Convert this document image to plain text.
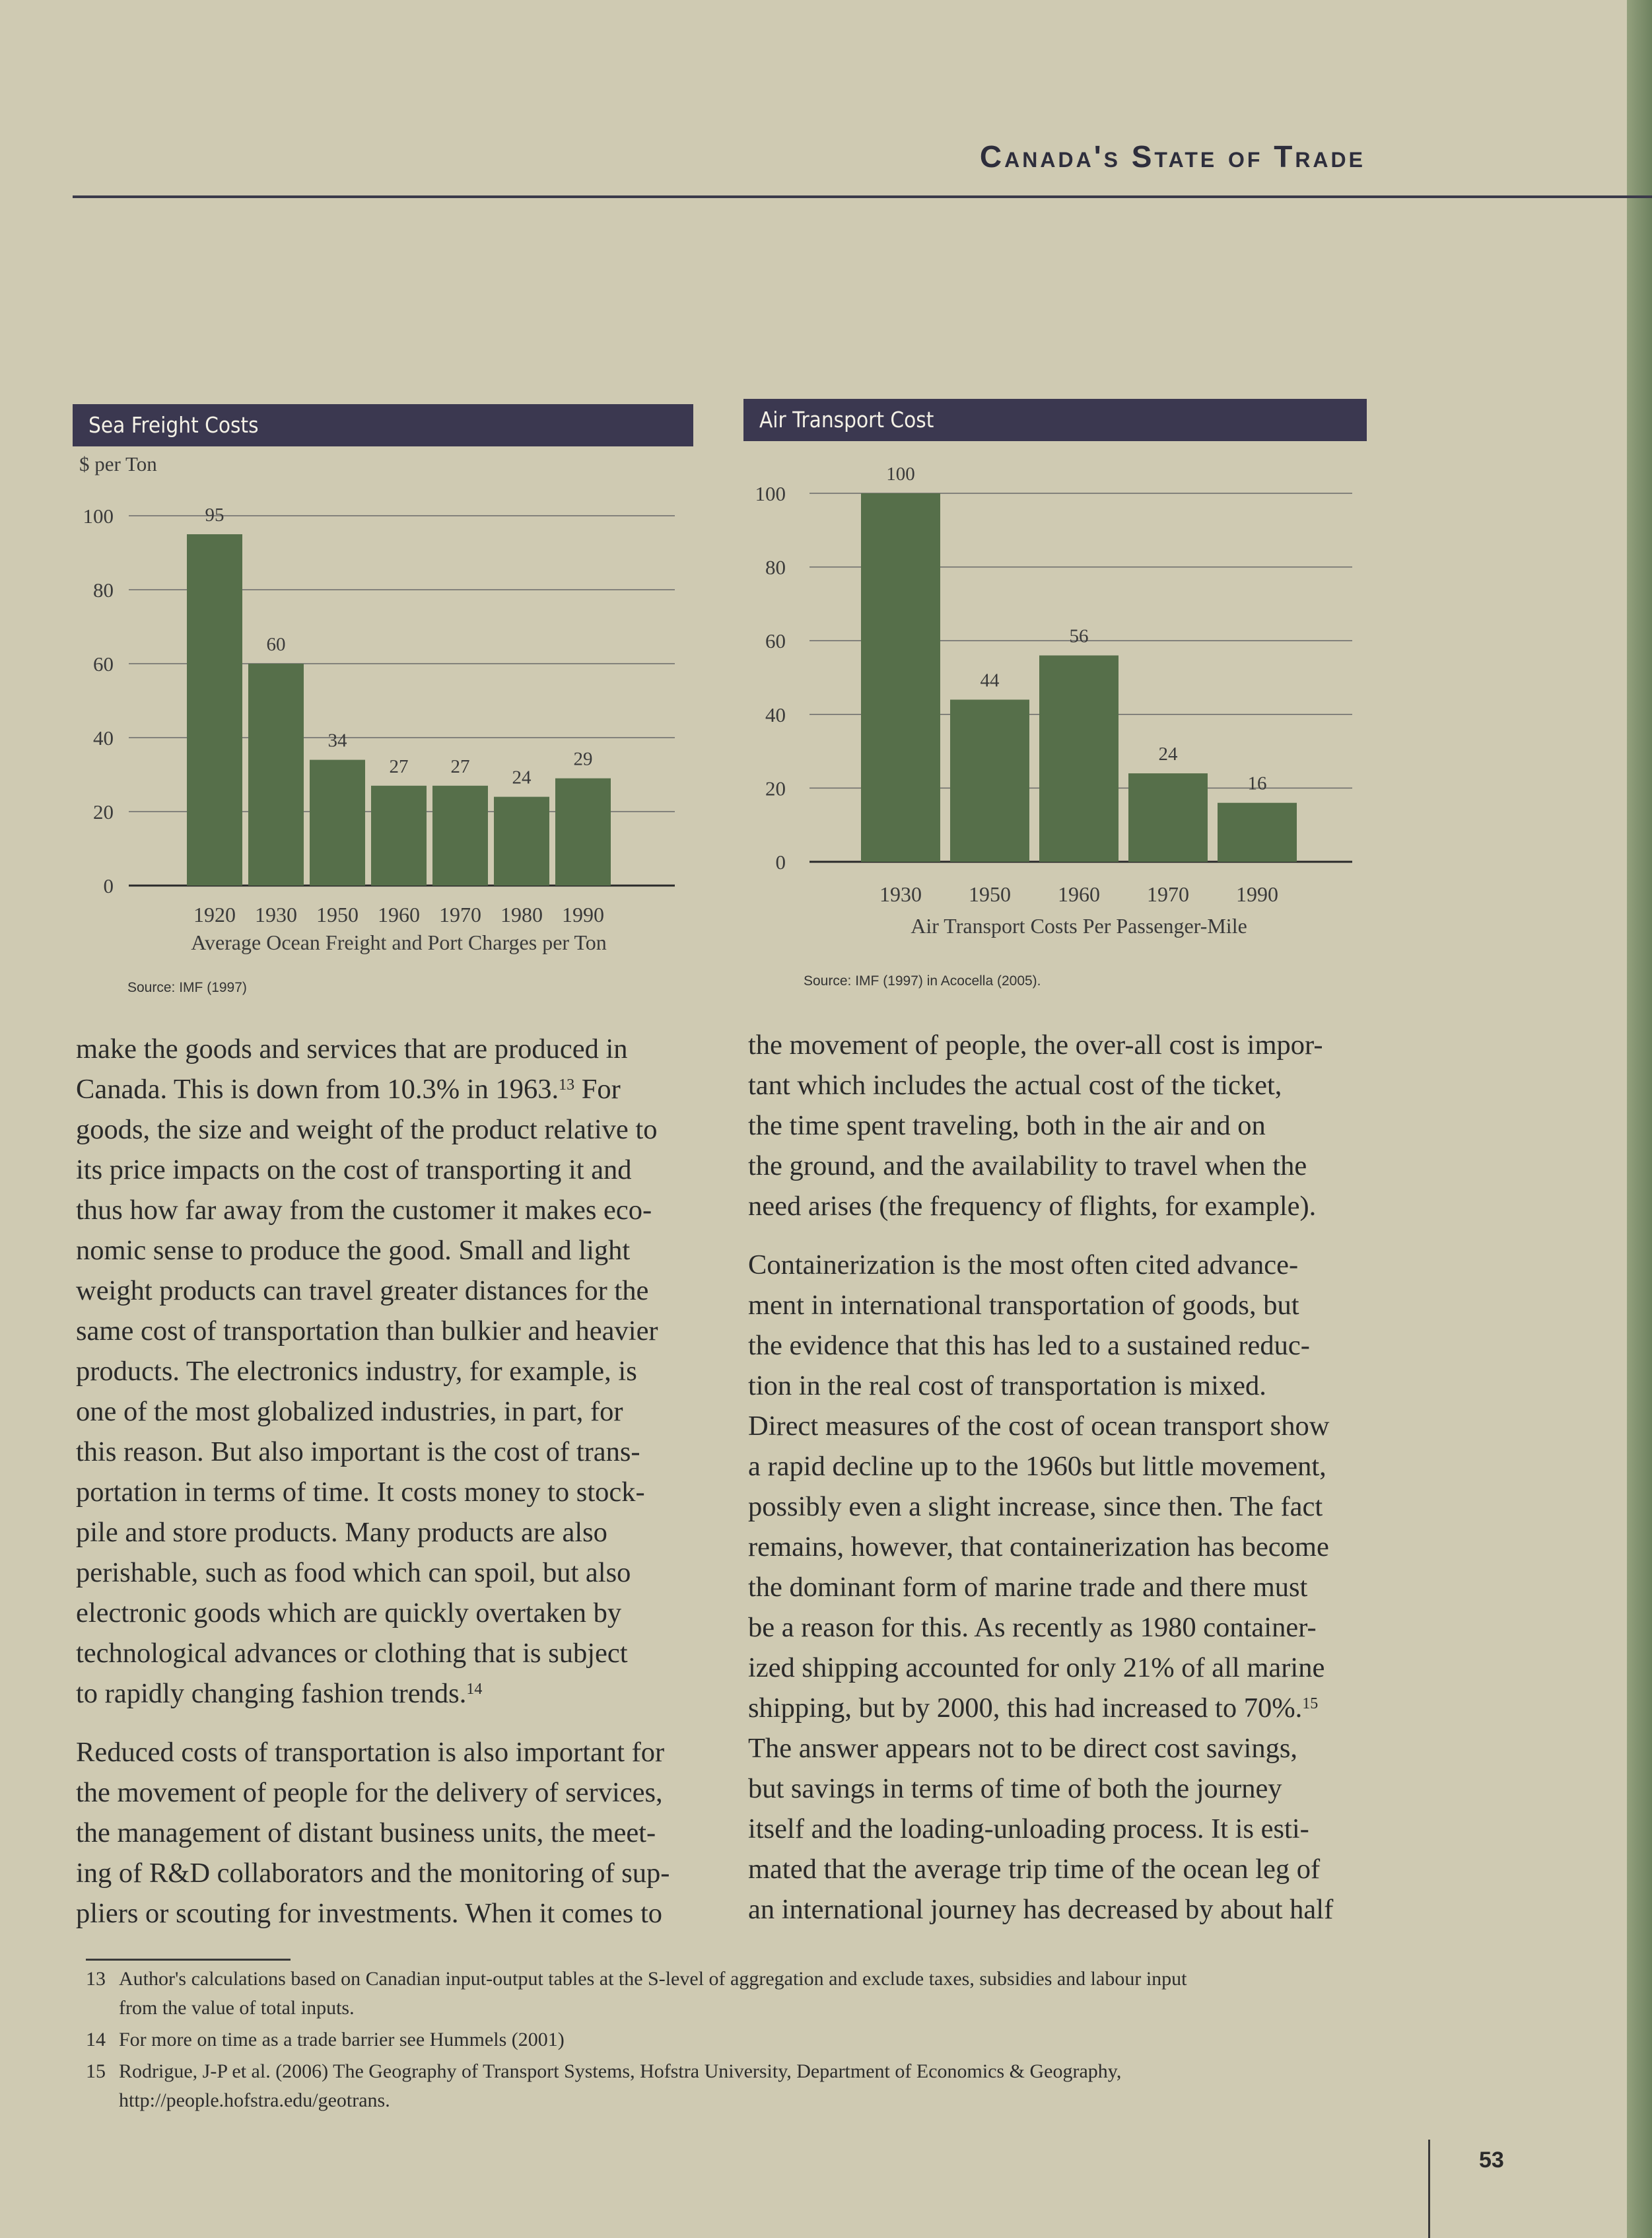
Canada's State of Trade
Sea Freight Costs
$ per Ton
0
20
40
60
80
100	95
1920
60
1930
34
1950
27
1960
27
1970
24
1980
29
1990
Average Ocean Freight and Port Charges per Ton
Source: IMF (1997)
Air Transport Cost
0
20
40
60
80
100
100
1930
44
1950
56
1960
24
1970
16
1990
Air Transport Costs Per Passenger-Mile
Source: IMF (1997) in Acocella (2005).

make the goods and services that are produced in
Canada. This is down from 10.3% in 1963.13 For
goods, the size and weight of the product relative to
its price impacts on the cost of transporting it and
thus how far away from the customer it makes eco-
nomic sense to produce the good. Small and light
weight products can travel greater distances for the
same cost of transportation than bulkier and heavier
products. The electronics industry, for example, is
one of the most globalized industries, in part, for
this reason. But also important is the cost of trans-
portation in terms of time. It costs money to stock-
pile and store products. Many products are also
perishable, such as food which can spoil, but also
electronic goods which are quickly overtaken by
technological advances or clothing that is subject
to rapidly changing fashion trends.$^{14}$

Reduced costs of transportation is also important for
the movement of people for the delivery of services,
the management of distant business units, the meet-
ing of R&D collaborators and the monitoring of sup-
pliers or scouting for investments. When it comes to

the movement of people, the over-all cost is impor-
tant which includes the actual cost of the ticket,
the time spent traveling, both in the air and on
the ground, and the availability to travel when the
need arises (the frequency of flights, for example).

Containerization is the most often cited advance-
ment in international transportation of goods, but
the evidence that this has led to a sustained reduc-
tion in the real cost of transportation is mixed.
Direct measures of the cost of ocean transport show
a rapid decline up to the 1960s but little movement,
possibly even a slight increase, since then. The fact
remains, however, that containerization has become
the dominant form of marine trade and there must
be a reason for this. As recently as 1980 container-
ized shipping accounted for only 21% of all marine
shipping, but by 2000, this had increased to 70%.$^{15}$
The answer appears not to be direct cost savings,
but savings in terms of time of both the journey
itself and the loading-unloading process. It is esti-
mated that the average trip time of the ocean leg of
an international journey has decreased by about half

13 Author's calculations based on Canadian input-output tables at the S-level of aggregation and exclude taxes, subsidies and labour input
from the value of total inputs.
14 For more on time as a trade barrier see Hummels (2001)
15 Rodrigue, J-P et al. (2006) The Geography of Transport Systems, Hofstra University, Department of Economics & Geography,
http://people.hofstra.edu/geotrans.
53
